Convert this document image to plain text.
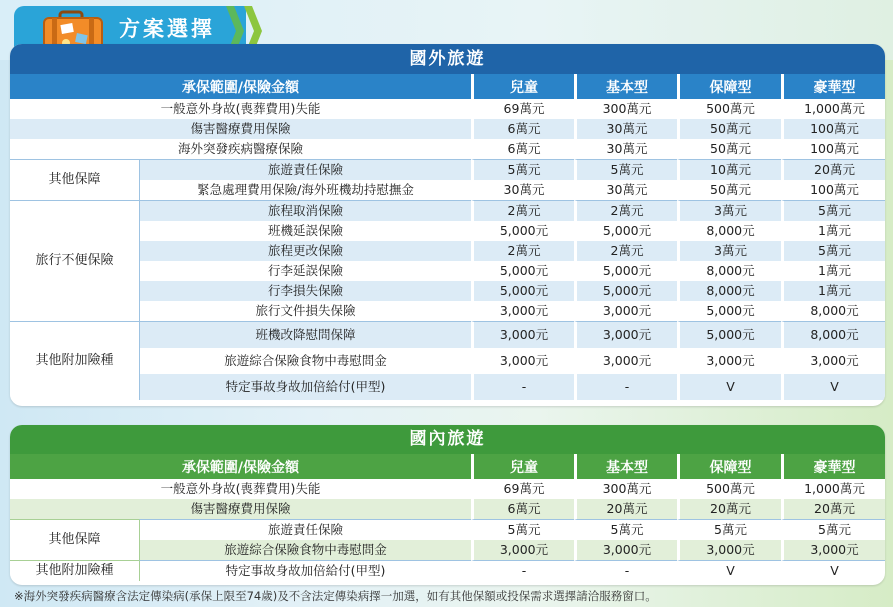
方案選擇
國外旅遊
承保範圍/保險金額		兒童	基本型	保障型	豪華型
一般意外身故(喪葬費用)失能		69萬元	300萬元	500萬元	1,000萬元
傷害醫療費用保險		6萬元	30萬元	50萬元	100萬元
海外突發疾病醫療保險		6萬元	30萬元	50萬元	100萬元
其他保障	旅遊責任保險	5萬元	5萬元	10萬元	20萬元
	緊急處理費用保險/海外班機劫持慰撫金	30萬元	30萬元	50萬元	100萬元
旅行不便保險	旅程取消保險	2萬元	2萬元	3萬元	5萬元
	班機延誤保險	5,000元	5,000元	8,000元	1萬元
	旅程更改保險	2萬元	2萬元	3萬元	5萬元
	行李延誤保險	5,000元	5,000元	8,000元	1萬元
	行李損失保險	5,000元	5,000元	8,000元	1萬元
	旅行文件損失保險	3,000元	3,000元	5,000元	8,000元
其他附加險種	班機改降慰問保障	3,000元	3,000元	5,000元	8,000元
	旅遊綜合保險食物中毒慰問金	3,000元	3,000元	3,000元	3,000元
	特定事故身故加倍給付(甲型)	-	-	V	V
國內旅遊
承保範圍/保險金額		兒童	基本型	保障型	豪華型
一般意外身故(喪葬費用)失能		69萬元	300萬元	500萬元	1,000萬元
傷害醫療費用保險		6萬元	20萬元	20萬元	20萬元
其他保障	旅遊責任保險	5萬元	5萬元	5萬元	5萬元
	旅遊綜合保險食物中毒慰問金	3,000元	3,000元	3,000元	3,000元
其他附加險種	特定事故身故加倍給付(甲型)	-	-	V	V
※海外突發疾病醫療含法定傳染病(承保上限至74歲)及不含法定傳染病擇一加選，如有其他保額或投保需求選擇請洽服務窗口。
